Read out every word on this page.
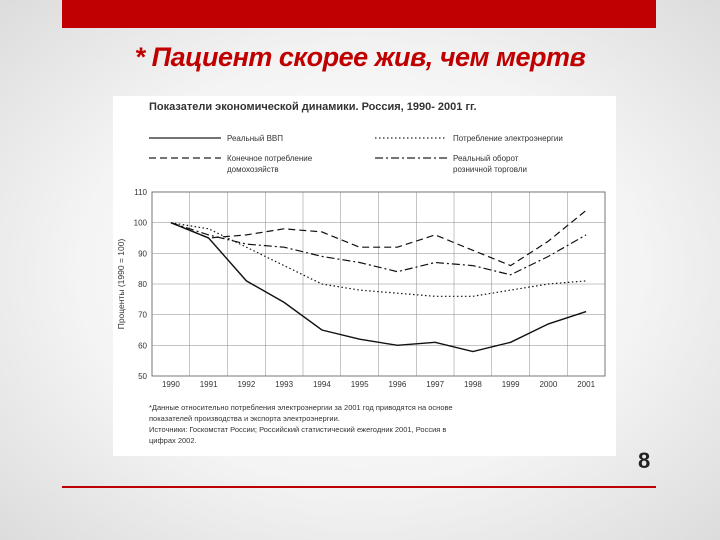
* Пациент скорее жив, чем мертв
Показатели экономической динамики. Россия, 1990- 2001 гг.
Реальный ВВП	Потребление электроэнергии
Конечное потребление
домохозяйств
Реальный оборот
розничной торговли
50
60
70
80
90
100
110
1990 1991 1992 1993 1994 1995 1996 1997 1998 1999 2000 2001
Проценты (1990 = 100)
*Данные относительно потребления электроэнергии за 2001 год приводятся на основе
показателей производства и экспорта электроэнергии.
Источники: Госкомстат России; Российский статистический ежегодник 2001, Россия в
цифрах 2002.
8
